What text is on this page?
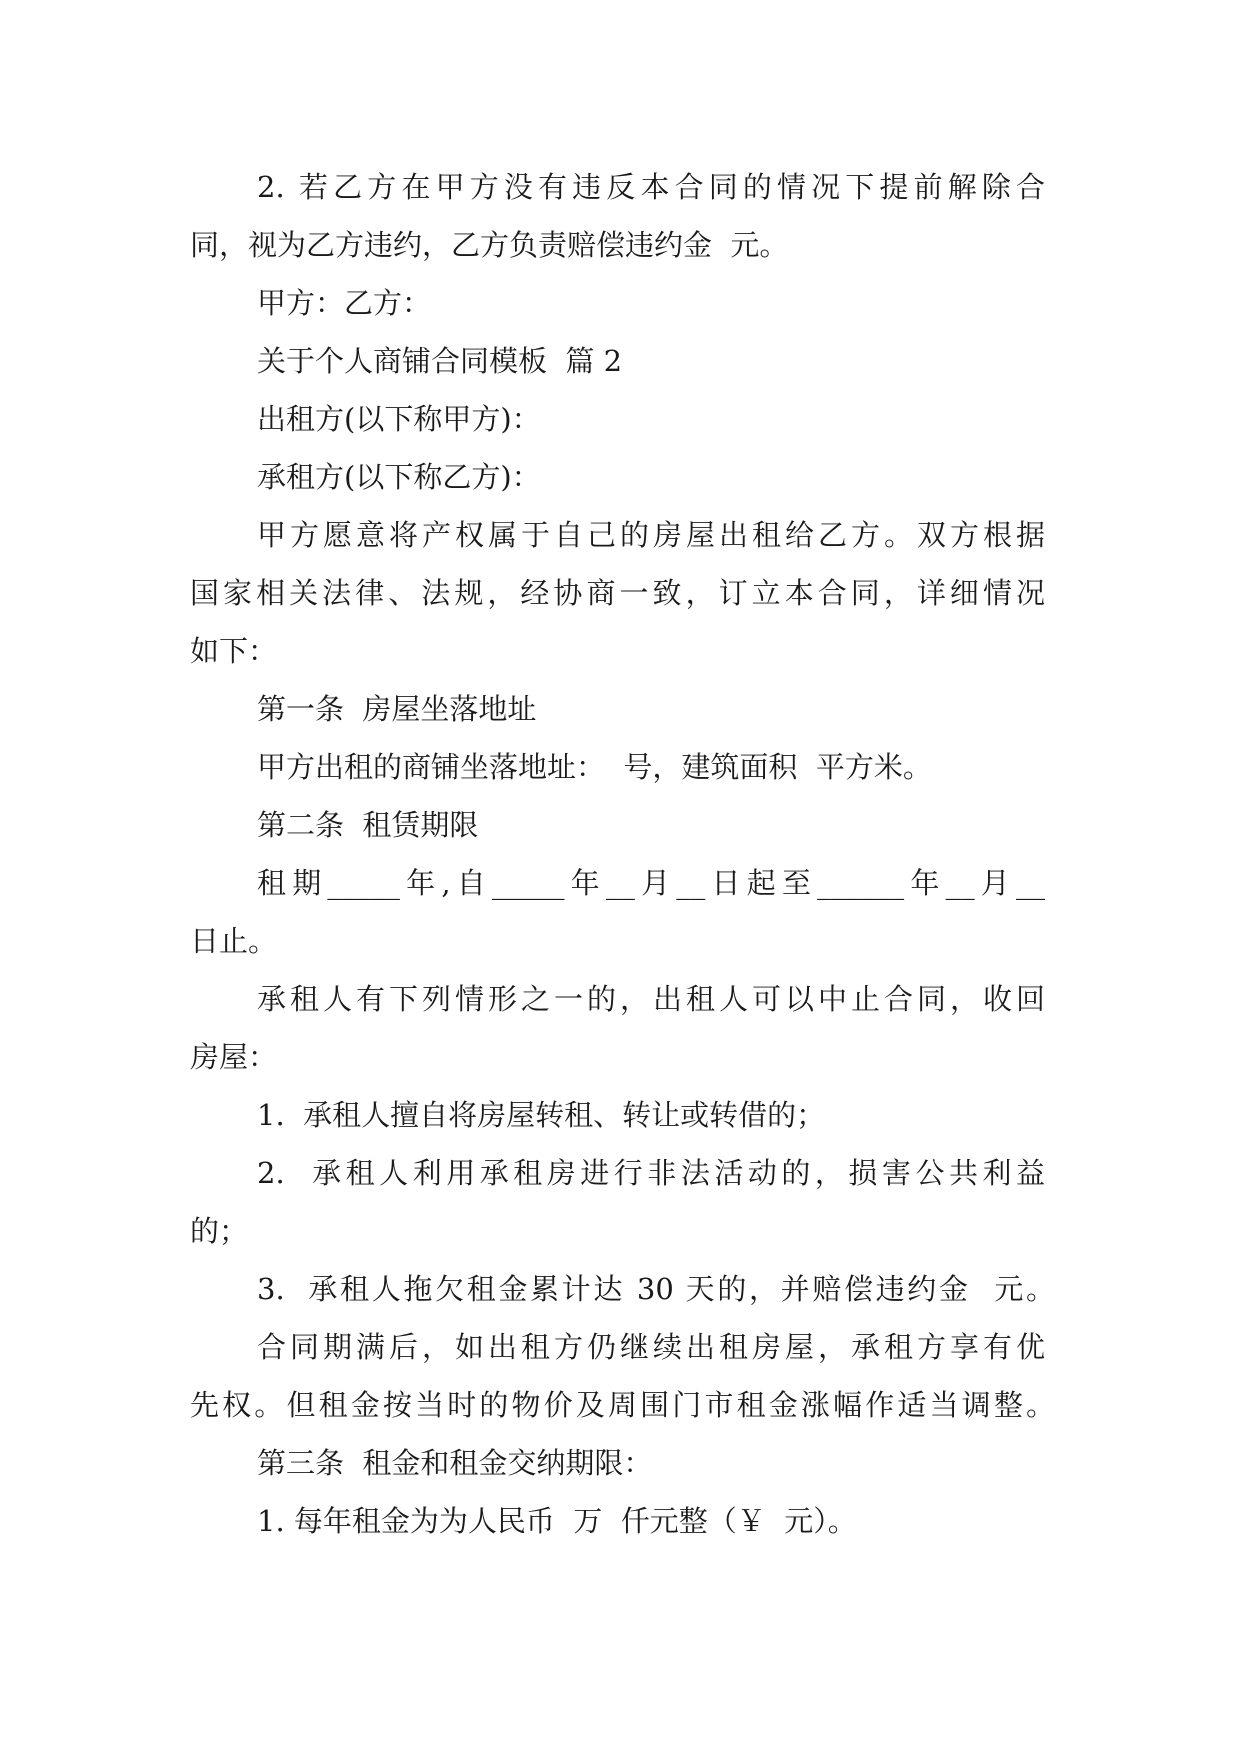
2. 若乙方在甲方没有违反本合同的情况下提前解除合
同，视为乙方违约，乙方负责赔偿违约金  元。
甲方：乙方：
关于个人商铺合同模板  篇 2
出租方(以下称甲方)：
承租方(以下称乙方)：
甲方愿意将产权属于自己的房屋出租给乙方。双方根据
国家相关法律、法规，经协商一致，订立本合同，详细情况
如下：
第一条  房屋坐落地址
甲方出租的商铺坐落地址：  号，建筑面积  平方米。
第二条  租赁期限
租期_____年,自_____年__月__日起至______年__月__
日止。
承租人有下列情形之一的，出租人可以中止合同，收回
房屋：
1.  承租人擅自将房屋转租、转让或转借的；
2.  承租人利用承租房进行非法活动的，损害公共利益
的；
3.  承租人拖欠租金累计达 30 天的，并赔偿违约金  元。
合同期满后，如出租方仍继续出租房屋，承租方享有优
先权。但租金按当时的物价及周围门市租金涨幅作适当调整。
第三条  租金和租金交纳期限：
1. 每年租金为为人民币  万  仟元整（￥  元）。
